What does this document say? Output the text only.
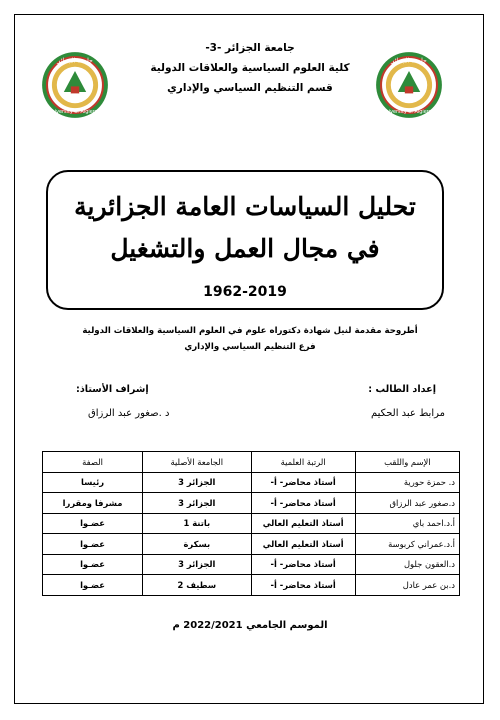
جامعة الجزائر
University of Algiers 3
جامعة الجزائر
University of Algiers 3
جامعة الجزائر -3-
كلية العلوم السياسية والعلاقات الدولية
قسم التنظيم السياسي والإداري
تحليل السياسات العامة الجزائرية
في مجال العمل والتشغيل
1962-2019
أطروحة مقدمة لنيل شهادة دكتوراه علوم في العلوم السياسية والعلاقات الدولية
فرع التنظيم السياسي والإداري
إعداد الطالب :
مرابط عبد الحكيم
إشراف الأستاذ:
د .صغور عبد الرزاق
الإسم واللقب	الرتبة العلمية	الجامعة الأصلية	الصفة
د. حمزة حورية	أستاذ محاضر- أ-	الجزائر 3	رئيسا
د.صغور عبد الرزاق	أستاذ محاضر- أ-	الجزائر 3	مشرفا ومقررا
أ.د.احمد باي	أستاذ التعليم العالي	باتنة 1	عضـوا
أ.د.عمراني كربوسة	أستاذ التعليم العالي	بسكرة	عضـوا
د.العقون جلول	أستاذ محاضر- أ-	الجزائر 3	عضـوا
د.بن عمر عادل	أستاذ محاضر- أ-	سطيف 2	عضـوا
الموسم الجامعي 2022/2021 م
